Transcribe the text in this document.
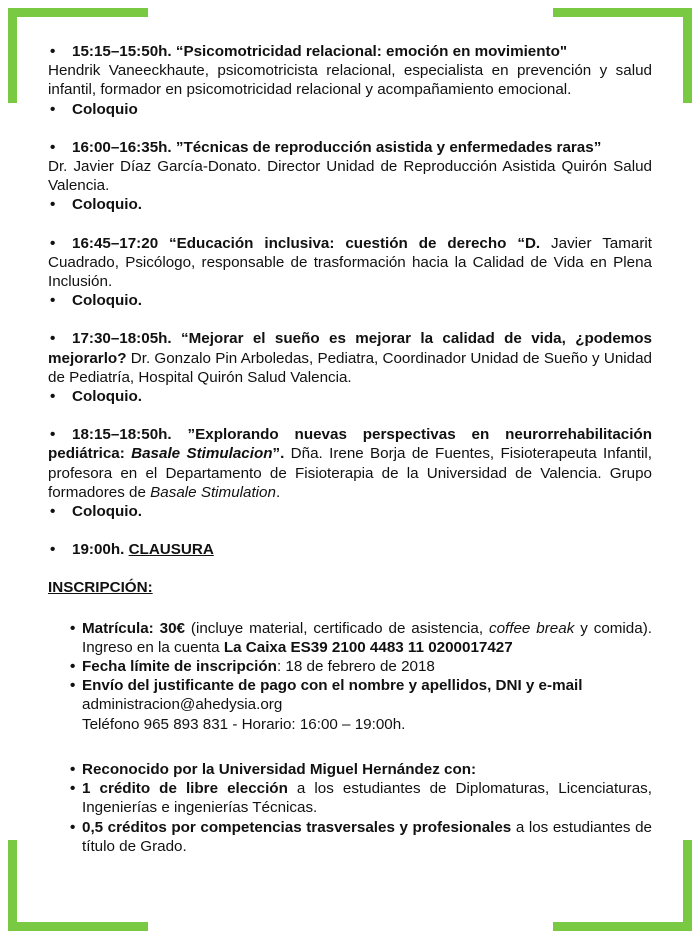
• 15:15–15:50h. “Psicomotricidad relacional: emoción en movimiento"
Hendrik Vaneeckhaute, psicomotricista relacional, especialista en prevención y salud infantil, formador en psicomotricidad relacional y acompañamiento emocional.
• Coloquio
• 16:00–16:35h. ”Técnicas de reproducción asistida y enfermedades raras”
Dr. Javier Díaz García-Donato. Director Unidad de Reproducción Asistida Quirón Salud Valencia.
• Coloquio.
• 16:45–17:20 “Educación inclusiva: cuestión de derecho “D. Javier Tamarit Cuadrado, Psicólogo, responsable de trasformación hacia la Calidad de Vida en Plena Inclusión.
• Coloquio.
• 17:30–18:05h. “Mejorar el sueño es mejorar la calidad de vida, ¿podemos mejorarlo? Dr. Gonzalo Pin Arboledas, Pediatra, Coordinador Unidad de Sueño y Unidad de Pediatría, Hospital Quirón Salud Valencia.
• Coloquio.
• 18:15–18:50h. ”Explorando nuevas perspectivas en neurorrehabilitación pediátrica: Basale Stimulacion”. Dña. Irene Borja de Fuentes, Fisioterapeuta Infantil, profesora en el Departamento de Fisioterapia de la Universidad de Valencia. Grupo formadores de Basale Stimulation.
• Coloquio.
• 19:00h. CLAUSURA
INSCRIPCIÓN:
• Matrícula: 30€ (incluye material, certificado de asistencia, coffee break y comida). Ingreso en la cuenta La Caixa ES39 2100 4483 11 0200017427
• Fecha límite de inscripción: 18 de febrero de 2018
• Envío del justificante de pago con el nombre y apellidos, DNI y e-mail
administracion@ahedysia.org
Teléfono 965 893 831 - Horario: 16:00 – 19:00h.
• Reconocido por la Universidad Miguel Hernández con:
• 1 crédito de libre elección a los estudiantes de Diplomaturas, Licenciaturas, Ingenierías e ingenierías Técnicas.
• 0,5 créditos por competencias trasversales y profesionales a los estudiantes de título de Grado.
